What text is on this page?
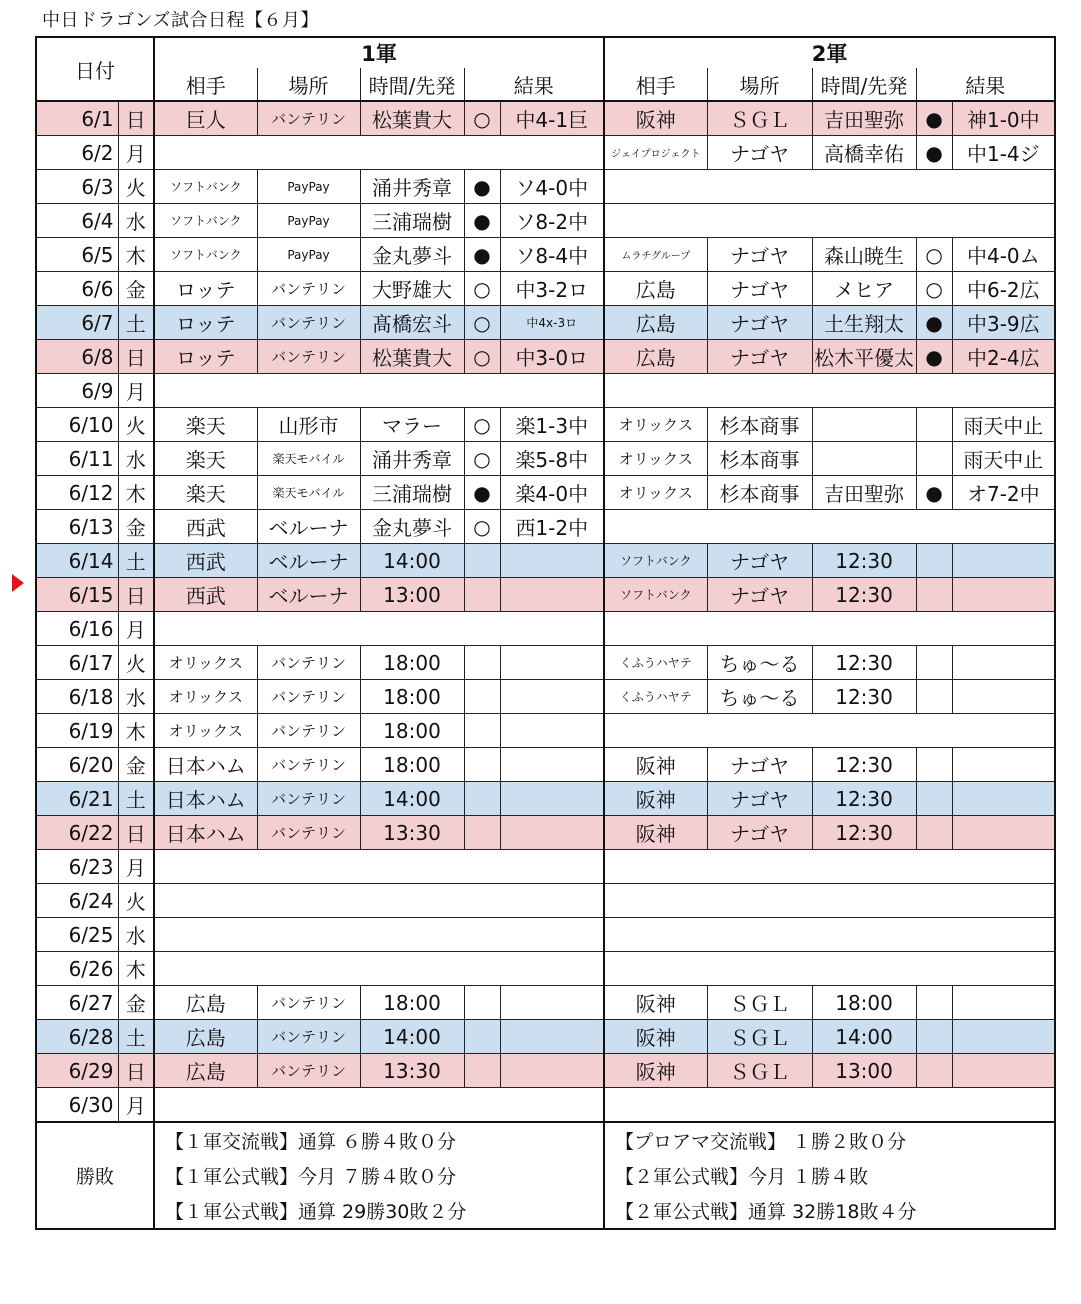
中日ドラゴンズ試合日程【６月】
日付		1軍					2軍				
		相手	場所	時間/先発	結果		相手	場所	時間/先発	結果	
6/1	日	巨人	バンテリン	松葉貴大	○	中4-1巨	阪神	ＳＧＬ	吉田聖弥	●	神1-0中
6/2	月						ジェイプロジェクト	ナゴヤ	高橋幸佑	●	中1-4ジ
6/3	火	ソフトバンク	PayPay	涌井秀章	●	ソ4-0中					
6/4	水	ソフトバンク	PayPay	三浦瑞樹	●	ソ8-2中					
6/5	木	ソフトバンク	PayPay	金丸夢斗	●	ソ8-4中	ムラチグループ	ナゴヤ	森山暁生	○	中4-0ム
6/6	金	ロッテ	バンテリン	大野雄大	○	中3-2ロ	広島	ナゴヤ	メヒア	○	中6-2広
6/7	土	ロッテ	バンテリン	髙橋宏斗	○	中4x-3ロ	広島	ナゴヤ	土生翔太	●	中3-9広
6/8	日	ロッテ	バンテリン	松葉貴大	○	中3-0ロ	広島	ナゴヤ	松木平優太	●	中2-4広
6/9	月										
6/10	火	楽天	山形市	マラー	○	楽1-3中	オリックス	杉本商事			雨天中止
6/11	水	楽天	楽天モバイル	涌井秀章	○	楽5-8中	オリックス	杉本商事			雨天中止
6/12	木	楽天	楽天モバイル	三浦瑞樹	●	楽4-0中	オリックス	杉本商事	吉田聖弥	●	オ7-2中
6/13	金	西武	ベルーナ	金丸夢斗	○	西1-2中					
6/14	土	西武	ベルーナ	14:00			ソフトバンク	ナゴヤ	12:30		
6/15	日	西武	ベルーナ	13:00			ソフトバンク	ナゴヤ	12:30		
6/16	月										
6/17	火	オリックス	バンテリン	18:00			くふうハヤテ	ちゅ〜る	12:30		
6/18	水	オリックス	バンテリン	18:00			くふうハヤテ	ちゅ〜る	12:30		
6/19	木	オリックス	バンテリン	18:00							
6/20	金	日本ハム	バンテリン	18:00			阪神	ナゴヤ	12:30		
6/21	土	日本ハム	バンテリン	14:00			阪神	ナゴヤ	12:30		
6/22	日	日本ハム	バンテリン	13:30			阪神	ナゴヤ	12:30		
6/23	月										
6/24	火										
6/25	水										
6/26	木										
6/27	金	広島	バンテリン	18:00			阪神	ＳＧＬ	18:00		
6/28	土	広島	バンテリン	14:00			阪神	ＳＧＬ	14:00		
6/29	日	広島	バンテリン	13:30			阪神	ＳＧＬ	13:00		
6/30	月										
勝敗		【１軍交流戦】通算 ６勝４敗０分					【プロアマ交流戦】 １勝２敗０分				
		【１軍公式戦】今月 ７勝４敗０分					【２軍公式戦】今月 １勝４敗				
		【１軍公式戦】通算 29勝30敗２分					【２軍公式戦】通算 32勝18敗４分				
